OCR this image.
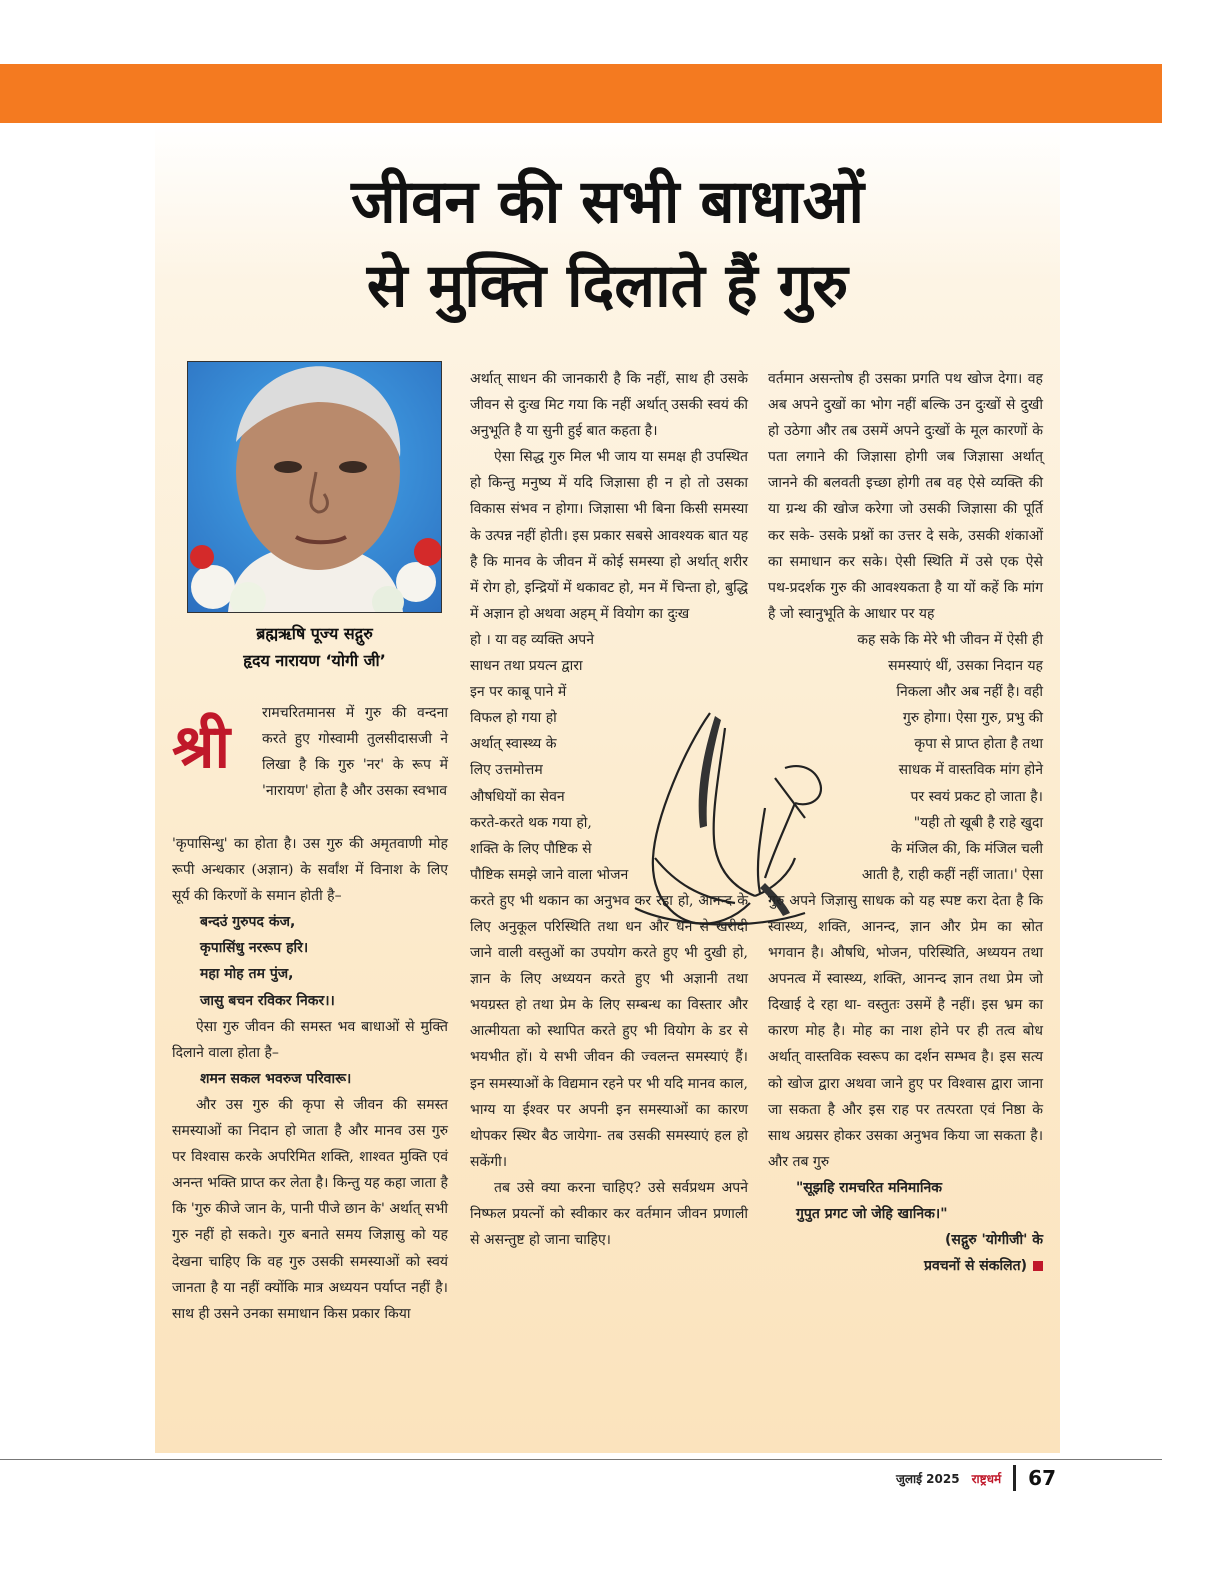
जीवन की सभी बाधाओं
से मुक्ति दिलाते हैं गुरु
ब्रह्मऋषि पूज्य सद्गुरु
हृदय नारायण ‘योगी जी’
श्री	रामचरितमानस में गुरु की वन्दना करते हुए गोस्वामी तुलसीदासजी ने लिखा है कि गुरु 'नर' के रूप में 'नारायण' होता है और उसका स्वभाव

'कृपासिन्धु' का होता है। उस गुरु की अमृतवाणी मोह रूपी अन्धकार (अज्ञान) के सर्वांश में विनाश के लिए सूर्य की किरणों के समान होती है–

बन्दउं गुरुपद कंज,

कृपासिंधु नररूप हरि।

महा मोह तम पुंज,

जासु बचन रविकर निकर।।

ऐसा गुरु जीवन की समस्त भव बाधाओं से मुक्ति दिलाने वाला होता है–

शमन सकल भवरुज परिवारू।

और उस गुरु की कृपा से जीवन की समस्त समस्याओं का निदान हो जाता है और मानव उस गुरु पर विश्वास करके अपरिमित शक्ति, शाश्वत मुक्ति एवं अनन्त भक्ति प्राप्त कर लेता है। किन्तु यह कहा जाता है कि 'गुरु कीजे जान के, पानी पीजे छान के' अर्थात् सभी गुरु नहीं हो सकते। गुरु बनाते समय जिज्ञासु को यह देखना चाहिए कि वह गुरु उसकी समस्याओं को स्वयं जानता है या नहीं क्योंकि मात्र अध्ययन पर्याप्त नहीं है। साथ ही उसने उनका समाधान किस प्रकार किया

अर्थात् साधन की जानकारी है कि नहीं, साथ ही उसके जीवन से दुःख मिट गया कि नहीं अर्थात् उसकी स्वयं की अनुभूति है या सुनी हुई बात कहता है।

ऐसा सिद्ध गुरु मिल भी जाय या समक्ष ही उपस्थित हो किन्तु मनुष्य में यदि जिज्ञासा ही न हो तो उसका विकास संभव न होगा। जिज्ञासा भी बिना किसी समस्या के उत्पन्न नहीं होती। इस प्रकार सबसे आवश्यक बात यह है कि मानव के जीवन में कोई समस्या हो अर्थात् शरीर में रोग हो, इन्द्रियों में थकावट हो, मन में चिन्ता हो, बुद्धि में अज्ञान हो अथवा अहम् में वियोग का दुःख

हो । या वह व्यक्ति अपने

साधन तथा प्रयत्न द्वारा

इन पर काबू पाने में

विफल हो गया हो

अर्थात् स्वास्थ्य के

लिए उत्तमोत्तम

औषधियों का सेवन

करते-करते थक गया हो,

शक्ति के लिए पौष्टिक से

पौष्टिक समझे जाने वाला भोजन

करते हुए भी थकान का अनुभव कर रहा हो, आनन्द के लिए अनुकूल परिस्थिति तथा धन और धन से खरीदी जाने वाली वस्तुओं का उपयोग करते हुए भी दुखी हो, ज्ञान के लिए अध्ययन करते हुए भी अज्ञानी तथा भयग्रस्त हो तथा प्रेम के लिए सम्बन्ध का विस्तार और आत्मीयता को स्थापित करते हुए भी वियोग के डर से भयभीत हों। ये सभी जीवन की ज्वलन्त समस्याएं हैं। इन समस्याओं के विद्यमान रहने पर भी यदि मानव काल, भाग्य या ईश्वर पर अपनी इन समस्याओं का कारण थोपकर स्थिर बैठ जायेगा- तब उसकी समस्याएं हल हो सकेंगी।

तब उसे क्या करना चाहिए? उसे सर्वप्रथम अपने निष्फल प्रयत्नों को स्वीकार कर वर्तमान जीवन प्रणाली से असन्तुष्ट हो जाना चाहिए।

वर्तमान असन्तोष ही उसका प्रगति पथ खोज देगा। वह अब अपने दुखों का भोग नहीं बल्कि उन दुःखों से दुखी हो उठेगा और तब उसमें अपने दुःखों के मूल कारणों के पता लगाने की जिज्ञासा होगी जब जिज्ञासा अर्थात् जानने की बलवती इच्छा होगी तब वह ऐसे व्यक्ति की या ग्रन्थ की खोज करेगा जो उसकी जिज्ञासा की पूर्ति कर सके- उसके प्रश्नों का उत्तर दे सके, उसकी शंकाओं का समाधान कर सके। ऐसी स्थिति में उसे एक ऐसे पथ-प्रदर्शक गुरु की आवश्यकता है या यों कहें कि मांग है जो स्वानुभूति के आधार पर यह

कह सके कि मेरे भी जीवन में ऐसी ही

समस्याएं थीं, उसका निदान यह

निकला और अब नहीं है। वही

गुरु होगा। ऐसा गुरु, प्रभु की

कृपा से प्राप्त होता है तथा

साधक में वास्तविक मांग होने

पर स्वयं प्रकट हो जाता है।

"यही तो खूबी है राहे खुदा

के मंजिल की, कि मंजिल चली

आती है, राही कहीं नहीं जाता।' ऐसा

गुरु अपने जिज्ञासु साधक को यह स्पष्ट करा देता है कि स्वास्थ्य, शक्ति, आनन्द, ज्ञान और प्रेम का स्रोत भगवान है। औषधि, भोजन, परिस्थिति, अध्ययन तथा अपनत्व में स्वास्थ्य, शक्ति, आनन्द ज्ञान तथा प्रेम जो दिखाई दे रहा था- वस्तुतः उसमें है नहीं। इस भ्रम का कारण मोह है। मोह का नाश होने पर ही तत्व बोध अर्थात् वास्तविक स्वरूप का दर्शन सम्भव है। इस सत्य को खोज द्वारा अथवा जाने हुए पर विश्वास द्वारा जाना जा सकता है और इस राह पर तत्परता एवं निष्ठा के साथ अग्रसर होकर उसका अनुभव किया जा सकता है। और तब गुरु

"सूझहि रामचरित मनिमानिक

गुपुत प्रगट जो जेहि खानिक।"

(सद्गुरु 'योगीजी' के

प्रवचनों से संकलित)

जुलाई 2025 राष्ट्रधर्म 67
